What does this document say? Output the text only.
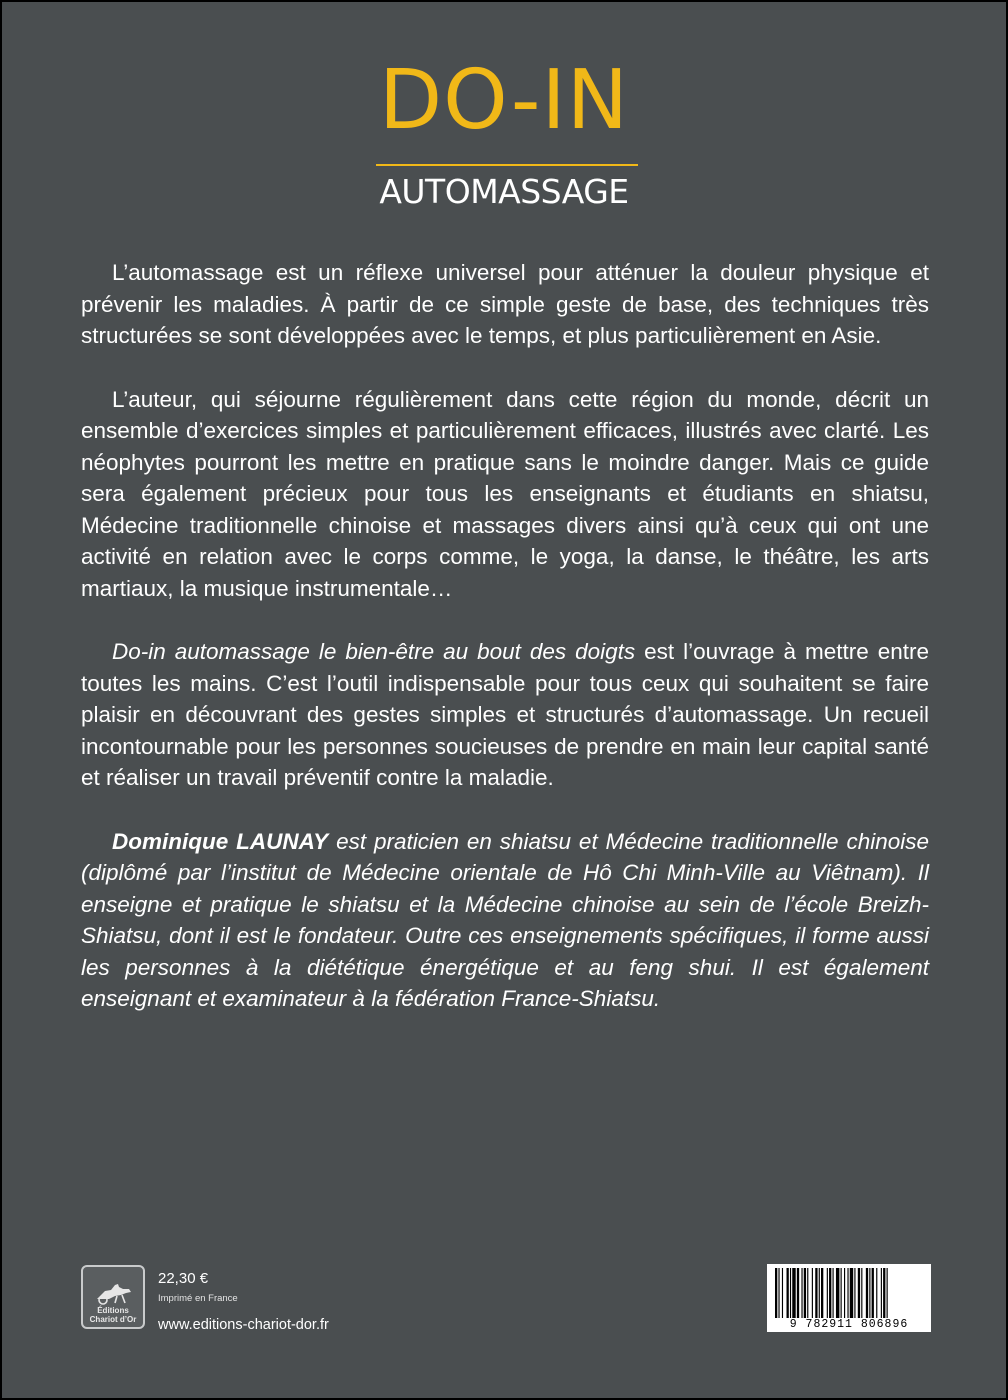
DO-IN
AUTOMASSAGE

L’automassage est un réflexe universel pour atténuer la douleur physique et prévenir les maladies. À partir de ce simple geste de base, des techniques très structurées se sont développées avec le temps, et plus particulièrement en Asie.

L’auteur, qui séjourne régulièrement dans cette région du monde, décrit un ensemble d’exercices simples et particulièrement efficaces, illustrés avec clarté. Les néophytes pourront les mettre en pratique sans le moindre danger. Mais ce guide sera également précieux pour tous les enseignants et étudiants en shiatsu, Médecine traditionnelle chinoise et massages divers ainsi qu’à ceux qui ont une activité en relation avec le corps comme, le yoga, la danse, le théâtre, les arts martiaux, la musique instrumentale…

Do-in automassage le bien-être au bout des doigts est l’ouvrage à mettre entre toutes les mains. C’est l’outil indispensable pour tous ceux qui souhaitent se faire plaisir en découvrant des gestes simples et structurés d’automassage. Un recueil incontournable pour les personnes soucieuses de prendre en main leur capital santé et réaliser un travail préventif contre la maladie.

Dominique LAUNAY est praticien en shiatsu et Médecine traditionnelle chinoise (diplômé par l’institut de Médecine orientale de Hô Chi Minh-Ville au Viêtnam). Il enseigne et pratique le shiatsu et la Médecine chinoise au sein de l’école Breizh-Shiatsu, dont il est le fondateur. Outre ces enseignements spécifiques, il forme aussi les personnes à la diététique énergétique et au feng shui. Il est également enseignant et examinateur à la fédération France-Shiatsu.

Éditions
Chariot d’Or
22,30 €
Imprimé en France
www.editions-chariot-dor.fr	9 782911 806896
